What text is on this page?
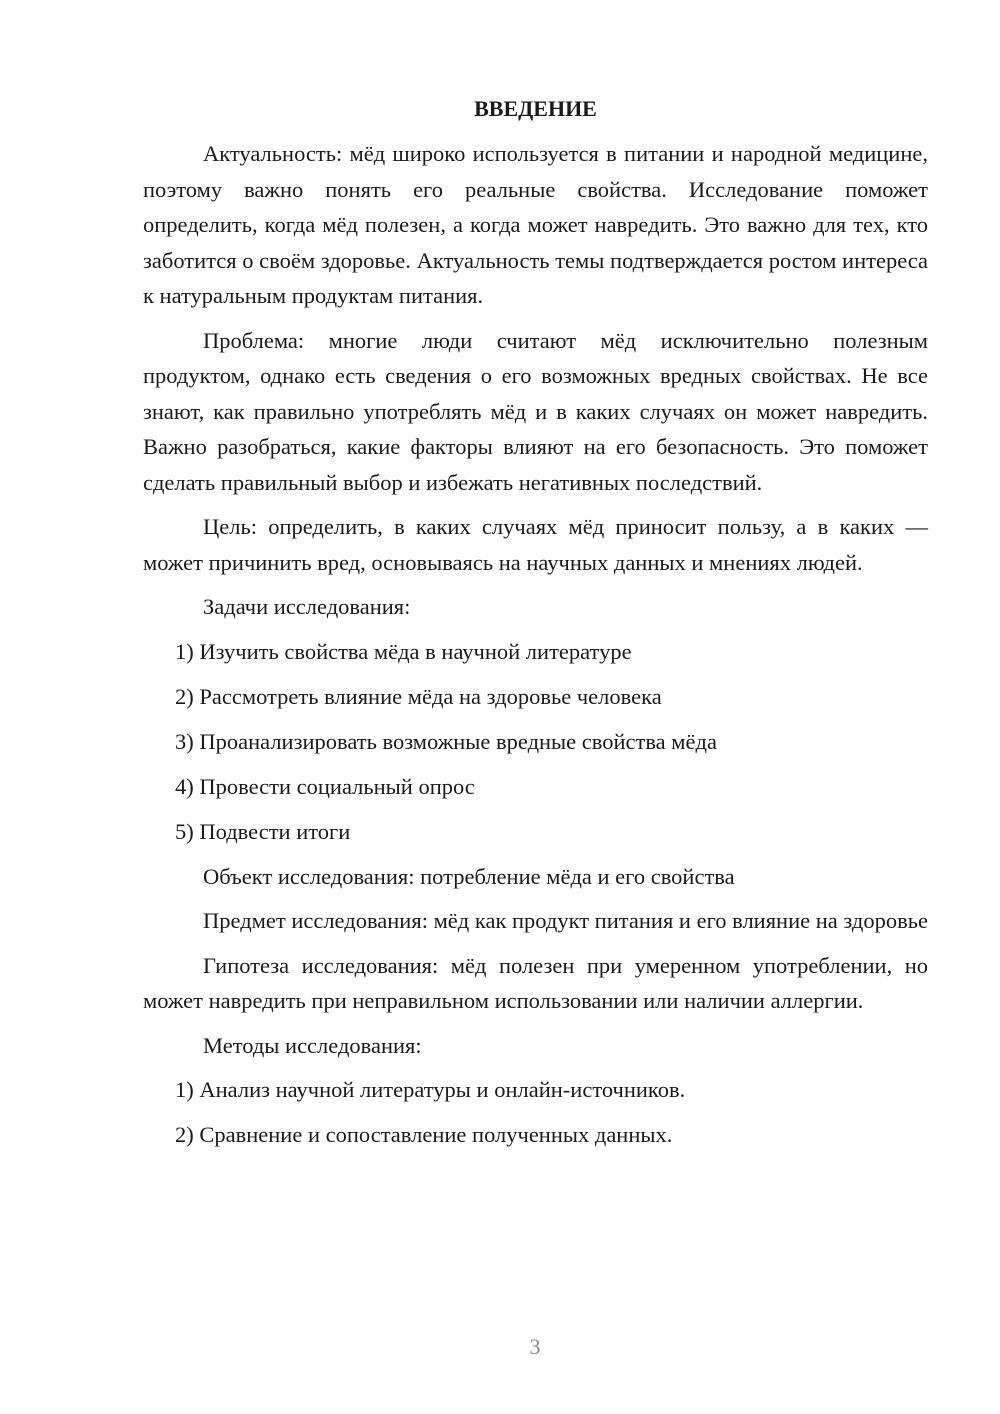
ВВЕДЕНИЕ

Актуальность: мёд широко используется в питании и народной медицине, поэтому важно понять его реальные свойства. Исследование поможет определить, когда мёд полезен, а когда может навредить. Это важно для тех, кто заботится о своём здоровье. Актуальность темы подтверждается ростом интереса к натуральным продуктам питания.

Проблема: многие люди считают мёд исключительно полезным продуктом, однако есть сведения о его возможных вредных свойствах. Не все знают, как правильно употреблять мёд и в каких случаях он может навредить. Важно разобраться, какие факторы влияют на его безопасность. Это поможет сделать правильный выбор и избежать негативных последствий.

Цель: определить, в каких случаях мёд приносит пользу, а в каких — может причинить вред, основываясь на научных данных и мнениях людей.

Задачи исследования:

1) Изучить свойства мёда в научной литературе
2) Рассмотреть влияние мёда на здоровье человека
3) Проанализировать возможные вредные свойства мёда
4) Провести социальный опрос
5) Подвести итоги

Объект исследования: потребление мёда и его свойства

Предмет исследования: мёд как продукт питания и его влияние на здоровье

Гипотеза исследования: мёд полезен при умеренном употреблении, но может навредить при неправильном использовании или наличии аллергии.

Методы исследования:

1) Анализ научной литературы и онлайн-источников.
2) Сравнение и сопоставление полученных данных.
3
